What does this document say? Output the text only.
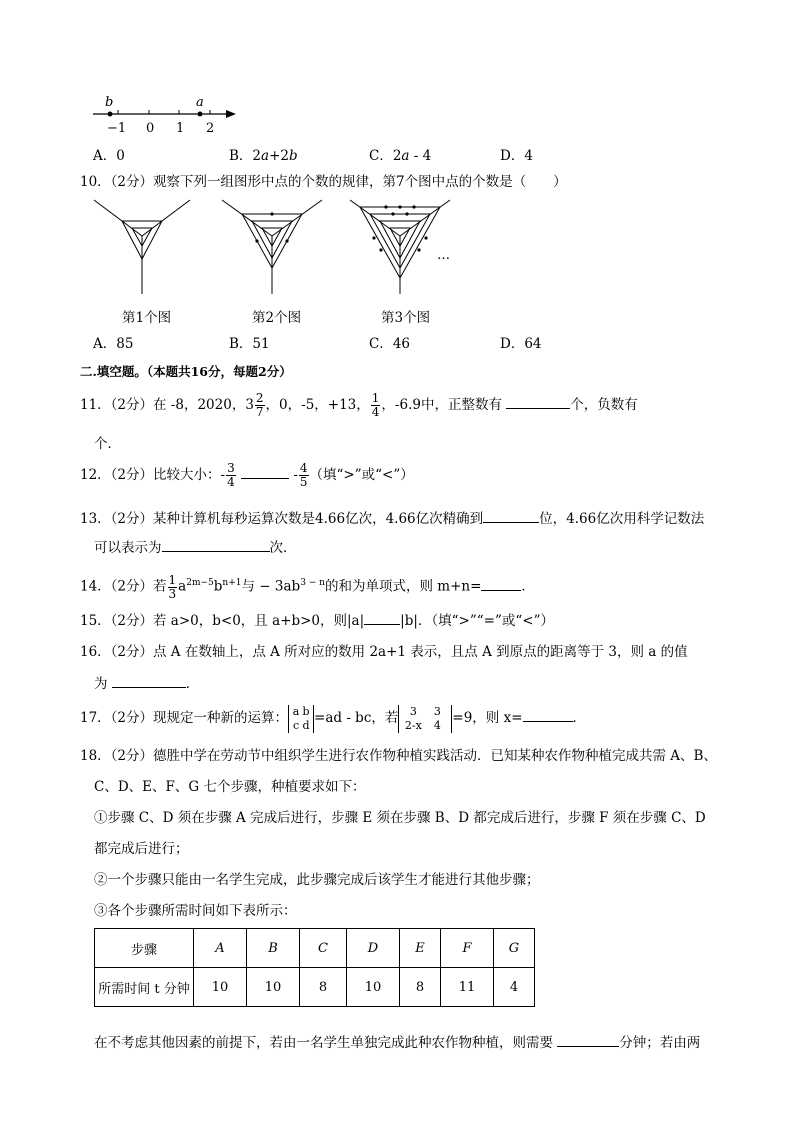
b	a
−1 0 1 2
A．0	B．2a+2b	C．2a - 4	D．4
10．（2分）观察下列一组图形中点的个数的规律，第7个图中点的个数是（　　）
…
第1个图	第2个图	第3个图
A．85	B．51	C．46	D．64
二.填空题。（本题共16分，每题2分）
11．（2分）在 -8，2020，$3 \frac{2}{7}$ ，0，-5，+13， $\frac{1}{4}$ ，-6.9中，正整数有	个，负数有
个．
12．（2分）比较大小：- $\frac{3}{4}$	- $\frac{4}{5}$ （填“>”或“<”）
13．（2分）某种计算机每秒运算次数是4.66亿次，4.66亿次精确到	位，4.66亿次用科学记数法
可以表示为	次．
14．（2分）若 $\frac{1}{3} a^{2m-5}b^{n+1}$与 − $3ab^{3 - n}$的和为单项式，则 m+n=	．
15．（2分）若 a>0，b<0，且 a+b>0，则|a|	|b|．（填“>”“=”或“<”）
16．（2分）点 A 在数轴上，点 A 所对应的数用 2a+1 表示，且点 A 到原点的距离等于 3，则 a 的值
为	．
17．（2分）现规定一种新的运算： a b
c d =ad - bc，若 3 3
2-x 4 =9，则 x=	．
18．（2分）德胜中学在劳动节中组织学生进行农作物种植实践活动．已知某种农作物种植完成共需 A、B、
C、D、E、F、G 七个步骤，种植要求如下：
①步骤 C、D 须在步骤 A 完成后进行，步骤 E 须在步骤 B、D 都完成后进行，步骤 F 须在步骤 C、D
都完成后进行；
②一个步骤只能由一名学生完成，此步骤完成后该学生才能进行其他步骤；
③各个步骤所需时间如下表所示：
步骤	A	B	C	D	E	F	G
所需时间 t 分钟	10	10	8	10	8	11	4
在不考虑其他因素的前提下，若由一名学生单独完成此种农作物种植，则需要	分钟；若由两
